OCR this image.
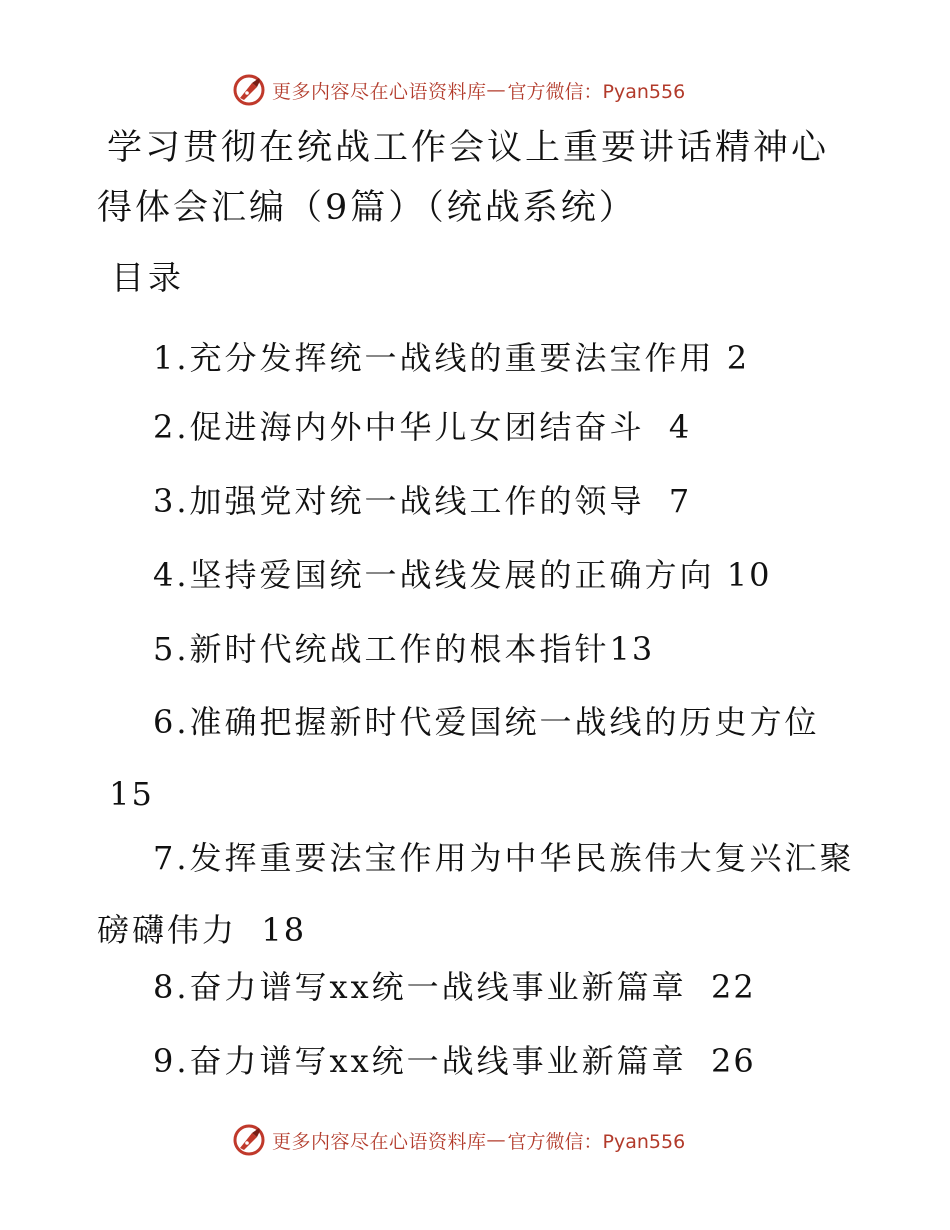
更多内容尽在心语资料库 — 官方微信：Pyan556
学习贯彻在统战工作会议上重要讲话精神心得体会汇编（9篇）（统战系统）
目录
1.充分发挥统一战线的重要法宝作用 2
2.促进海内外中华儿女团结奋斗  4
3.加强党对统一战线工作的领导  7
4.坚持爱国统一战线发展的正确方向 10
5.新时代统战工作的根本指针13
6.准确把握新时代爱国统一战线的历史方位 15
7.发挥重要法宝作用为中华民族伟大复兴汇聚磅礴伟力  18
8.奋力谱写xx统一战线事业新篇章  22
9.奋力谱写xx统一战线事业新篇章  26
更多内容尽在心语资料库 — 官方微信：Pyan556
